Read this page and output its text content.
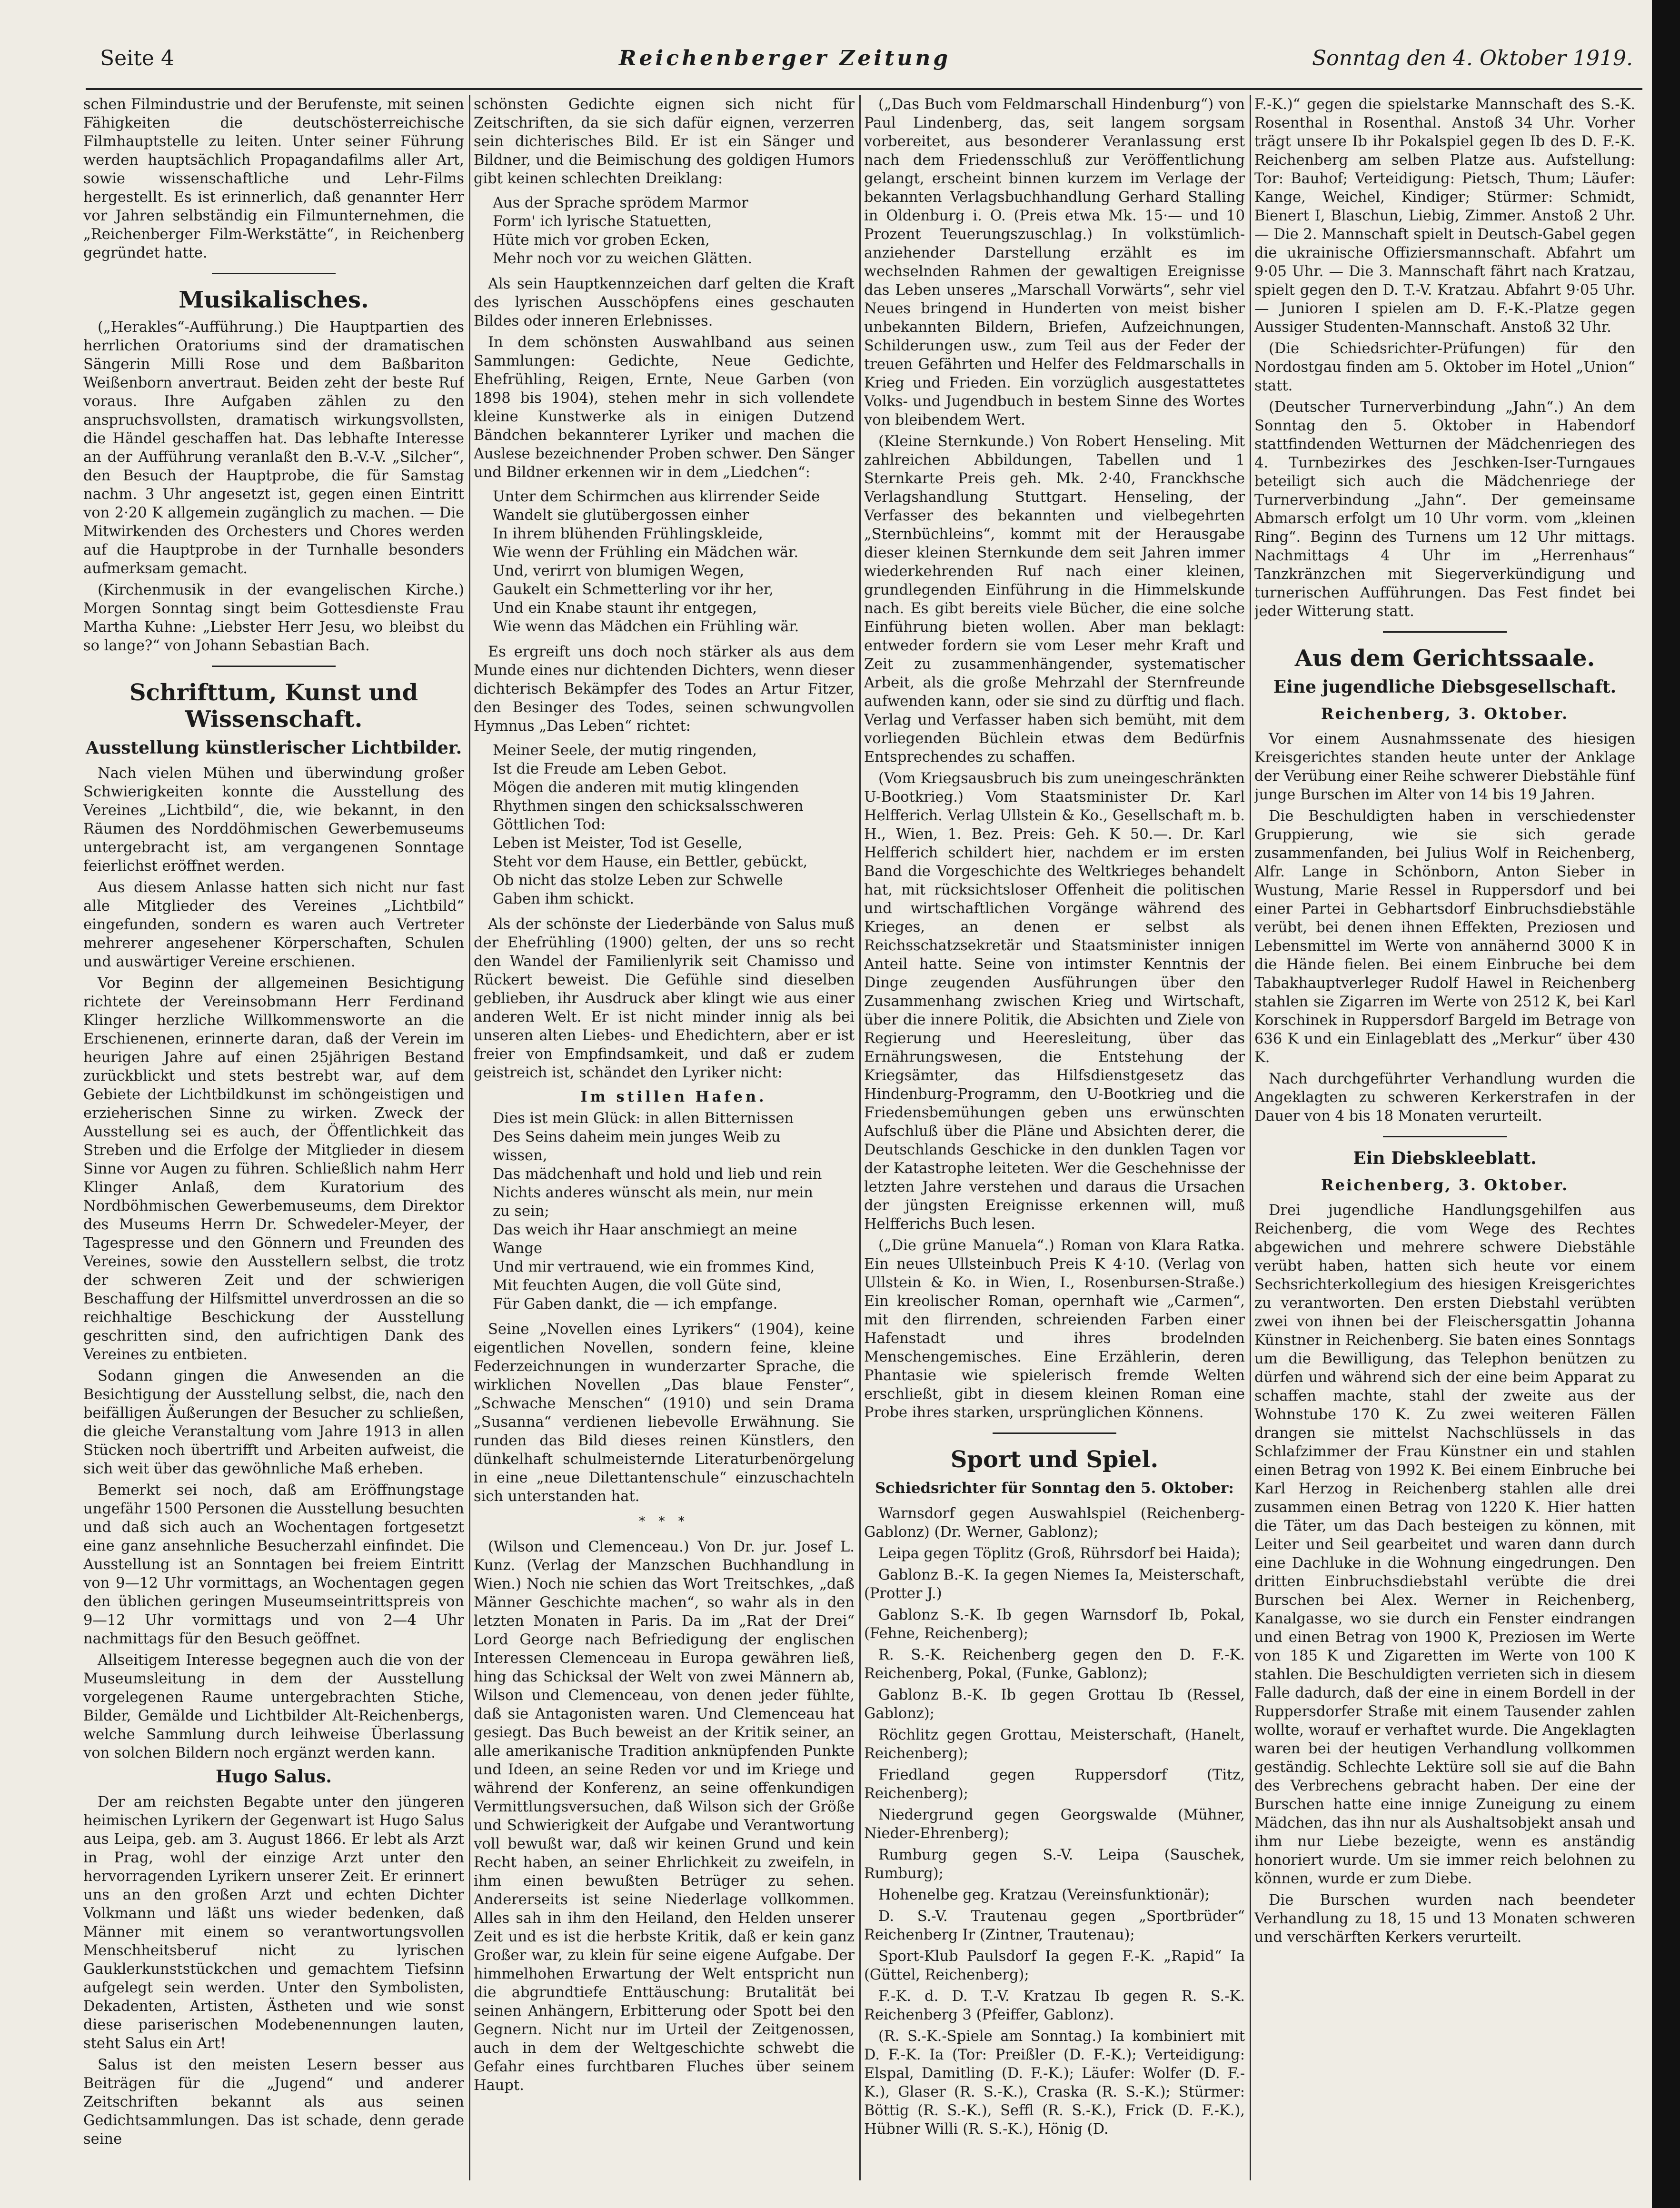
Seite 4	Reichenberger Zeitung	Sonntag den 4. Oktober 1919.

schen Filmindustrie und der Berufenste, mit seinen Fähigkeiten die deutschösterreichische Filmhauptstelle zu leiten. Unter seiner Führung werden hauptsächlich Propagandafilms aller Art, sowie wissenschaftliche und Lehr-Films hergestellt. Es ist erinnerlich, daß genannter Herr vor Jahren selbständig ein Filmunternehmen, die „Reichenberger Film-Werkstätte“, in Reichenberg gegründet hatte.

Musikalisches.

(„Herakles“-Aufführung.) Die Hauptpartien des herrlichen Oratoriums sind der dramatischen Sängerin Milli Rose und dem Baßbariton Weißenborn anvertraut. Beiden zeht der beste Ruf voraus. Ihre Aufgaben zählen zu den anspruchsvollsten, dramatisch wirkungsvollsten, die Händel geschaffen hat. Das lebhafte Interesse an der Aufführung veranlaßt den B.-V.-V. „Silcher“, den Besuch der Hauptprobe, die für Samstag nachm. 3 Uhr angesetzt ist, gegen einen Eintritt von 2·20 K allgemein zugänglich zu machen. — Die Mitwirkenden des Orchesters und Chores werden auf die Hauptprobe in der Turnhalle besonders aufmerksam gemacht.

(Kirchenmusik in der evangelischen Kirche.) Morgen Sonntag singt beim Gottesdienste Frau Martha Kuhne: „Liebster Herr Jesu, wo bleibst du so lange?“ von Johann Sebastian Bach.

Schrifttum, Kunst und Wissenschaft.
Ausstellung künstlerischer Lichtbilder.

Nach vielen Mühen und überwindung großer Schwierigkeiten konnte die Ausstellung des Vereines „Lichtbild“, die, wie bekannt, in den Räumen des Norddöhmischen Gewerbemuseums untergebracht ist, am vergangenen Sonntage feierlichst eröffnet werden.

Aus diesem Anlasse hatten sich nicht nur fast alle Mitglieder des Vereines „Lichtbild“ eingefunden, sondern es waren auch Vertreter mehrerer angesehener Körperschaften, Schulen und auswärtiger Vereine erschienen.

Vor Beginn der allgemeinen Besichtigung richtete der Vereinsobmann Herr Ferdinand Klinger herzliche Willkommensworte an die Erschienenen, erinnerte daran, daß der Verein im heurigen Jahre auf einen 25jährigen Bestand zurückblickt und stets bestrebt war, auf dem Gebiete der Lichtbildkunst im schöngeistigen und erzieherischen Sinne zu wirken. Zweck der Ausstellung sei es auch, der Öffentlichkeit das Streben und die Erfolge der Mitglieder in diesem Sinne vor Augen zu führen. Schließlich nahm Herr Klinger Anlaß, dem Kuratorium des Nordböhmischen Gewerbemuseums, dem Direktor des Museums Herrn Dr. Schwedeler-Meyer, der Tagespresse und den Gönnern und Freunden des Vereines, sowie den Ausstellern selbst, die trotz der schweren Zeit und der schwierigen Beschaffung der Hilfsmittel unverdrossen an die so reichhaltige Beschickung der Ausstellung geschritten sind, den aufrichtigen Dank des Vereines zu entbieten.

Sodann gingen die Anwesenden an die Besichtigung der Ausstellung selbst, die, nach den beifälligen Äußerungen der Besucher zu schließen, die gleiche Veranstaltung vom Jahre 1913 in allen Stücken noch übertrifft und Arbeiten aufweist, die sich weit über das gewöhnliche Maß erheben.

Bemerkt sei noch, daß am Eröffnungstage ungefähr 1500 Personen die Ausstellung besuchten und daß sich auch an Wochentagen fortgesetzt eine ganz ansehnliche Besucherzahl einfindet. Die Ausstellung ist an Sonntagen bei freiem Eintritt von 9—12 Uhr vormittags, an Wochentagen gegen den üblichen geringen Museumseintrittspreis von 9—12 Uhr vormittags und von 2—4 Uhr nachmittags für den Besuch geöffnet.

Allseitigem Interesse begegnen auch die von der Museumsleitung in dem der Ausstellung vorgelegenen Raume untergebrachten Stiche, Bilder, Gemälde und Lichtbilder Alt-Reichenbergs, welche Sammlung durch leihweise Überlassung von solchen Bildern noch ergänzt werden kann.

Hugo Salus.

Der am reichsten Begabte unter den jüngeren heimischen Lyrikern der Gegenwart ist Hugo Salus aus Leipa, geb. am 3. August 1866. Er lebt als Arzt in Prag, wohl der einzige Arzt unter den hervorragenden Lyrikern unserer Zeit. Er erinnert uns an den großen Arzt und echten Dichter Volkmann und läßt uns wieder bedenken, daß Männer mit einem so verantwortungsvollen Menschheitsberuf nicht zu lyrischen Gauklerkunststückchen und gemachtem Tiefsinn aufgelegt sein werden. Unter den Symbolisten, Dekadenten, Artisten, Ästheten und wie sonst diese pariserischen Modebenennungen lauten, steht Salus ein Art!

Salus ist den meisten Lesern besser aus Beiträgen für die „Jugend“ und anderer Zeitschriften bekannt als aus seinen Gedichtsammlungen. Das ist schade, denn gerade seine

schönsten Gedichte eignen sich nicht für Zeitschriften, da sie sich dafür eignen, verzerren sein dichterisches Bild. Er ist ein Sänger und Bildner, und die Beimischung des goldigen Humors gibt keinen schlechten Dreiklang:

Aus der Sprache sprödem Marmor
Form' ich lyrische Statuetten,
Hüte mich vor groben Ecken,
Mehr noch vor zu weichen Glätten.

Als sein Hauptkennzeichen darf gelten die Kraft des lyrischen Ausschöpfens eines geschauten Bildes oder inneren Erlebnisses.

In dem schönsten Auswahlband aus seinen Sammlungen: Gedichte, Neue Gedichte, Ehefrühling, Reigen, Ernte, Neue Garben (von 1898 bis 1904), stehen mehr in sich vollendete kleine Kunstwerke als in einigen Dutzend Bändchen bekannterer Lyriker und machen die Auslese bezeichnender Proben schwer. Den Sänger und Bildner erkennen wir in dem „Liedchen“:

Unter dem Schirmchen aus klirrender Seide
Wandelt sie glutübergossen einher
In ihrem blühenden Frühlingskleide,
Wie wenn der Frühling ein Mädchen wär.
Und, verirrt von blumigen Wegen,
Gaukelt ein Schmetterling vor ihr her,
Und ein Knabe staunt ihr entgegen,
Wie wenn das Mädchen ein Frühling wär.

Es ergreift uns doch noch stärker als aus dem Munde eines nur dichtenden Dichters, wenn dieser dichterisch Bekämpfer des Todes an Artur Fitzer, den Besinger des Todes, seinen schwungvollen Hymnus „Das Leben“ richtet:

Meiner Seele, der mutig ringenden,
Ist die Freude am Leben Gebot.
Mögen die anderen mit mutig klingenden
Rhythmen singen den schicksalsschweren
Göttlichen Tod:
Leben ist Meister, Tod ist Geselle,
Steht vor dem Hause, ein Bettler, gebückt,
Ob nicht das stolze Leben zur Schwelle
Gaben ihm schickt.

Als der schönste der Liederbände von Salus muß der Ehefrühling (1900) gelten, der uns so recht den Wandel der Familienlyrik seit Chamisso und Rückert beweist. Die Gefühle sind dieselben geblieben, ihr Ausdruck aber klingt wie aus einer anderen Welt. Er ist nicht minder innig als bei unseren alten Liebes- und Ehedichtern, aber er ist freier von Empfindsamkeit, und daß er zudem geistreich ist, schändet den Lyriker nicht:

Im stillen Hafen.
Dies ist mein Glück: in allen Bitternissen
Des Seins daheim mein junges Weib zu
wissen,
Das mädchenhaft und hold und lieb und rein
Nichts anderes wünscht als mein, nur mein
zu sein;
Das weich ihr Haar anschmiegt an meine
Wange
Und mir vertrauend, wie ein frommes Kind,
Mit feuchten Augen, die voll Güte sind,
Für Gaben dankt, die — ich empfange.

Seine „Novellen eines Lyrikers“ (1904), keine eigentlichen Novellen, sondern feine, kleine Federzeichnungen in wunderzarter Sprache, die wirklichen Novellen „Das blaue Fenster“, „Schwache Menschen“ (1910) und sein Drama „Susanna“ verdienen liebevolle Erwähnung. Sie runden das Bild dieses reinen Künstlers, den dünkelhaft schulmeisternde Literaturbenörgelung in eine „neue Dilettantenschule“ einzuschachteln sich unterstanden hat.

* * *

(Wilson und Clemenceau.) Von Dr. jur. Josef L. Kunz. (Verlag der Manzschen Buchhandlung in Wien.) Noch nie schien das Wort Treitschkes, „daß Männer Geschichte machen“, so wahr als in den letzten Monaten in Paris. Da im „Rat der Drei“ Lord George nach Befriedigung der englischen Interessen Clemenceau in Europa gewähren ließ, hing das Schicksal der Welt von zwei Männern ab, Wilson und Clemenceau, von denen jeder fühlte, daß sie Antagonisten waren. Und Clemenceau hat gesiegt. Das Buch beweist an der Kritik seiner, an alle amerikanische Tradition anknüpfenden Punkte und Ideen, an seine Reden vor und im Kriege und während der Konferenz, an seine offenkundigen Vermittlungsversuchen, daß Wilson sich der Größe und Schwierigkeit der Aufgabe und Verantwortung voll bewußt war, daß wir keinen Grund und kein Recht haben, an seiner Ehrlichkeit zu zweifeln, in ihm einen bewußten Betrüger zu sehen. Andererseits ist seine Niederlage vollkommen. Alles sah in ihm den Heiland, den Helden unserer Zeit und es ist die herbste Kritik, daß er kein ganz Großer war, zu klein für seine eigene Aufgabe. Der himmelhohen Erwartung der Welt entspricht nun die abgrundtiefe Enttäuschung: Brutalität bei seinen Anhängern, Erbitterung oder Spott bei den Gegnern. Nicht nur im Urteil der Zeitgenossen, auch in dem der Weltgeschichte schwebt die Gefahr eines furchtbaren Fluches über seinem Haupt.

(„Das Buch vom Feldmarschall Hindenburg“) von Paul Lindenberg, das, seit langem sorgsam vorbereitet, aus besonderer Veranlassung erst nach dem Friedensschluß zur Veröffentlichung gelangt, erscheint binnen kurzem im Verlage der bekannten Verlagsbuchhandlung Gerhard Stalling in Oldenburg i. O. (Preis etwa Mk. 15·— und 10 Prozent Teuerungszuschlag.) In volkstümlich-anziehender Darstellung erzählt es im wechselnden Rahmen der gewaltigen Ereignisse das Leben unseres „Marschall Vorwärts“, sehr viel Neues bringend in Hunderten von meist bisher unbekannten Bildern, Briefen, Aufzeichnungen, Schilderungen usw., zum Teil aus der Feder der treuen Gefährten und Helfer des Feldmarschalls in Krieg und Frieden. Ein vorzüglich ausgestattetes Volks- und Jugendbuch in bestem Sinne des Wortes von bleibendem Wert.

(Kleine Sternkunde.) Von Robert Henseling. Mit zahlreichen Abbildungen, Tabellen und 1 Sternkarte Preis geh. Mk. 2·40, Franckhsche Verlagshandlung Stuttgart. Henseling, der Verfasser des bekannten und vielbegehrten „Sternbüchleins“, kommt mit der Herausgabe dieser kleinen Sternkunde dem seit Jahren immer wiederkehrenden Ruf nach einer kleinen, grundlegenden Einführung in die Himmelskunde nach. Es gibt bereits viele Bücher, die eine solche Einführung bieten wollen. Aber man beklagt: entweder fordern sie vom Leser mehr Kraft und Zeit zu zusammenhängender, systematischer Arbeit, als die große Mehrzahl der Sternfreunde aufwenden kann, oder sie sind zu dürftig und flach. Verlag und Verfasser haben sich bemüht, mit dem vorliegenden Büchlein etwas dem Bedürfnis Entsprechendes zu schaffen.

(Vom Kriegsausbruch bis zum uneingeschränkten U-Bootkrieg.) Vom Staatsminister Dr. Karl Helfferich. Verlag Ullstein & Ko., Gesellschaft m. b. H., Wien, 1. Bez. Preis: Geh. K 50.—. Dr. Karl Helfferich schildert hier, nachdem er im ersten Band die Vorgeschichte des Weltkrieges behandelt hat, mit rücksichtsloser Offenheit die politischen und wirtschaftlichen Vorgänge während des Krieges, an denen er selbst als Reichsschatzsekretär und Staatsminister innigen Anteil hatte. Seine von intimster Kenntnis der Dinge zeugenden Ausführungen über den Zusammenhang zwischen Krieg und Wirtschaft, über die innere Politik, die Absichten und Ziele von Regierung und Heeresleitung, über das Ernährungswesen, die Entstehung der Kriegsämter, das Hilfsdienstgesetz das Hindenburg-Programm, den U-Bootkrieg und die Friedensbemühungen geben uns erwünschten Aufschluß über die Pläne und Absichten derer, die Deutschlands Geschicke in den dunklen Tagen vor der Katastrophe leiteten. Wer die Geschehnisse der letzten Jahre verstehen und daraus die Ursachen der jüngsten Ereignisse erkennen will, muß Helfferichs Buch lesen.

(„Die grüne Manuela“.) Roman von Klara Ratka. Ein neues Ullsteinbuch Preis K 4·10. (Verlag von Ullstein & Ko. in Wien, I., Rosenbursen-Straße.) Ein kreolischer Roman, opernhaft wie „Carmen“, mit den flirrenden, schreienden Farben einer Hafenstadt und ihres brodelnden Menschengemisches. Eine Erzählerin, deren Phantasie wie spielerisch fremde Welten erschließt, gibt in diesem kleinen Roman eine Probe ihres starken, ursprünglichen Könnens.

Sport und Spiel.
Schiedsrichter für Sonntag den 5. Oktober:

Warnsdorf gegen Auswahlspiel (Reichenberg-Gablonz) (Dr. Werner, Gablonz);

Leipa gegen Töplitz (Groß, Rührsdorf bei Haida);

Gablonz B.-K. Ia gegen Niemes Ia, Meisterschaft, (Protter J.)

Gablonz S.-K. Ib gegen Warnsdorf Ib, Pokal, (Fehne, Reichenberg);

R. S.-K. Reichenberg gegen den D. F.-K. Reichenberg, Pokal, (Funke, Gablonz);

Gablonz B.-K. Ib gegen Grottau Ib (Ressel, Gablonz);

Röchlitz gegen Grottau, Meisterschaft, (Hanelt, Reichenberg);

Friedland gegen Ruppersdorf (Titz, Reichenberg);

Niedergrund gegen Georgswalde (Mühner, Nieder-Ehrenberg);

Rumburg gegen S.-V. Leipa (Sauschek, Rumburg);

Hohenelbe geg. Kratzau (Vereinsfunktionär);

D. S.-V. Trautenau gegen „Sportbrüder“ Reichenberg Ir (Zintner, Trautenau);

Sport-Klub Paulsdorf Ia gegen F.-K. „Rapid“ Ia (Güttel, Reichenberg);

F.-K. d. D. T.-V. Kratzau Ib gegen R. S.-K. Reichenberg 3 (Pfeiffer, Gablonz).

(R. S.-K.-Spiele am Sonntag.) Ia kombiniert mit D. F.-K. Ia (Tor: Preißler (D. F.-K.); Verteidigung: Elspal, Damitling (D. F.-K.); Läufer: Wolfer (D. F.-K.), Glaser (R. S.-K.), Craska (R. S.-K.); Stürmer: Böttig (R. S.-K.), Seffl (R. S.-K.), Frick (D. F.-K.), Hübner Willi (R. S.-K.), Hönig (D.

F.-K.)“ gegen die spielstarke Mannschaft des S.-K. Rosenthal in Rosenthal. Anstoß 34 Uhr. Vorher trägt unsere Ib ihr Pokalspiel gegen Ib des D. F.-K. Reichenberg am selben Platze aus. Aufstellung: Tor: Bauhof; Verteidigung: Pietsch, Thum; Läufer: Kange, Weichel, Kindiger; Stürmer: Schmidt, Bienert I, Blaschun, Liebig, Zimmer. Anstoß 2 Uhr. — Die 2. Mannschaft spielt in Deutsch-Gabel gegen die ukrainische Offiziersmannschaft. Abfahrt um 9·05 Uhr. — Die 3. Mannschaft fährt nach Kratzau, spielt gegen den D. T.-V. Kratzau. Abfahrt 9·05 Uhr. — Junioren I spielen am D. F.-K.-Platze gegen Aussiger Studenten-Mannschaft. Anstoß 32 Uhr.

(Die Schiedsrichter-Prüfungen) für den Nordostgau finden am 5. Oktober im Hotel „Union“ statt.

(Deutscher Turnerverbindung „Jahn“.) An dem Sonntag den 5. Oktober in Habendorf stattfindenden Wetturnen der Mädchenriegen des 4. Turnbezirkes des Jeschken-Iser-Turngaues beteiligt sich auch die Mädchenriege der Turnerverbindung „Jahn“. Der gemeinsame Abmarsch erfolgt um 10 Uhr vorm. vom „kleinen Ring“. Beginn des Turnens um 12 Uhr mittags. Nachmittags 4 Uhr im „Herrenhaus“ Tanzkränzchen mit Siegerverkündigung und turnerischen Aufführungen. Das Fest findet bei jeder Witterung statt.

Aus dem Gerichtssaale.
Eine jugendliche Diebsgesellschaft.
Reichenberg, 3. Oktober.

Vor einem Ausnahmssenate des hiesigen Kreisgerichtes standen heute unter der Anklage der Verübung einer Reihe schwerer Diebstähle fünf junge Burschen im Alter von 14 bis 19 Jahren.

Die Beschuldigten haben in verschiedenster Gruppierung, wie sie sich gerade zusammenfanden, bei Julius Wolf in Reichenberg, Alfr. Lange in Schönborn, Anton Sieber in Wustung, Marie Ressel in Ruppersdorf und bei einer Partei in Gebhartsdorf Einbruchsdiebstähle verübt, bei denen ihnen Effekten, Preziosen und Lebensmittel im Werte von annähernd 3000 K in die Hände fielen. Bei einem Einbruche bei dem Tabakhauptverleger Rudolf Hawel in Reichenberg stahlen sie Zigarren im Werte von 2512 K, bei Karl Korschinek in Ruppersdorf Bargeld im Betrage von 636 K und ein Einlageblatt des „Merkur“ über 430 K.

Nach durchgeführter Verhandlung wurden die Angeklagten zu schweren Kerkerstrafen in der Dauer von 4 bis 18 Monaten verurteilt.

Ein Diebskleeblatt.
Reichenberg, 3. Oktober.

Drei jugendliche Handlungsgehilfen aus Reichenberg, die vom Wege des Rechtes abgewichen und mehrere schwere Diebstähle verübt haben, hatten sich heute vor einem Sechsrichterkollegium des hiesigen Kreisgerichtes zu verantworten. Den ersten Diebstahl verübten zwei von ihnen bei der Fleischersgattin Johanna Künstner in Reichenberg. Sie baten eines Sonntags um die Bewilligung, das Telephon benützen zu dürfen und während sich der eine beim Apparat zu schaffen machte, stahl der zweite aus der Wohnstube 170 K. Zu zwei weiteren Fällen drangen sie mittelst Nachschlüssels in das Schlafzimmer der Frau Künstner ein und stahlen einen Betrag von 1992 K. Bei einem Einbruche bei Karl Herzog in Reichenberg stahlen alle drei zusammen einen Betrag von 1220 K. Hier hatten die Täter, um das Dach besteigen zu können, mit Leiter und Seil gearbeitet und waren dann durch eine Dachluke in die Wohnung eingedrungen. Den dritten Einbruchsdiebstahl verübte die drei Burschen bei Alex. Werner in Reichenberg, Kanalgasse, wo sie durch ein Fenster eindrangen und einen Betrag von 1900 K, Preziosen im Werte von 185 K und Zigaretten im Werte von 100 K stahlen. Die Beschuldigten verrieten sich in diesem Falle dadurch, daß der eine in einem Bordell in der Ruppersdorfer Straße mit einem Tausender zahlen wollte, worauf er verhaftet wurde. Die Angeklagten waren bei der heutigen Verhandlung vollkommen geständig. Schlechte Lektüre soll sie auf die Bahn des Verbrechens gebracht haben. Der eine der Burschen hatte eine innige Zuneigung zu einem Mädchen, das ihn nur als Aushaltsobjekt ansah und ihm nur Liebe bezeigte, wenn es anständig honoriert wurde. Um sie immer reich belohnen zu können, wurde er zum Diebe.

Die Burschen wurden nach beendeter Verhandlung zu 18, 15 und 13 Monaten schweren und verschärften Kerkers verurteilt.
